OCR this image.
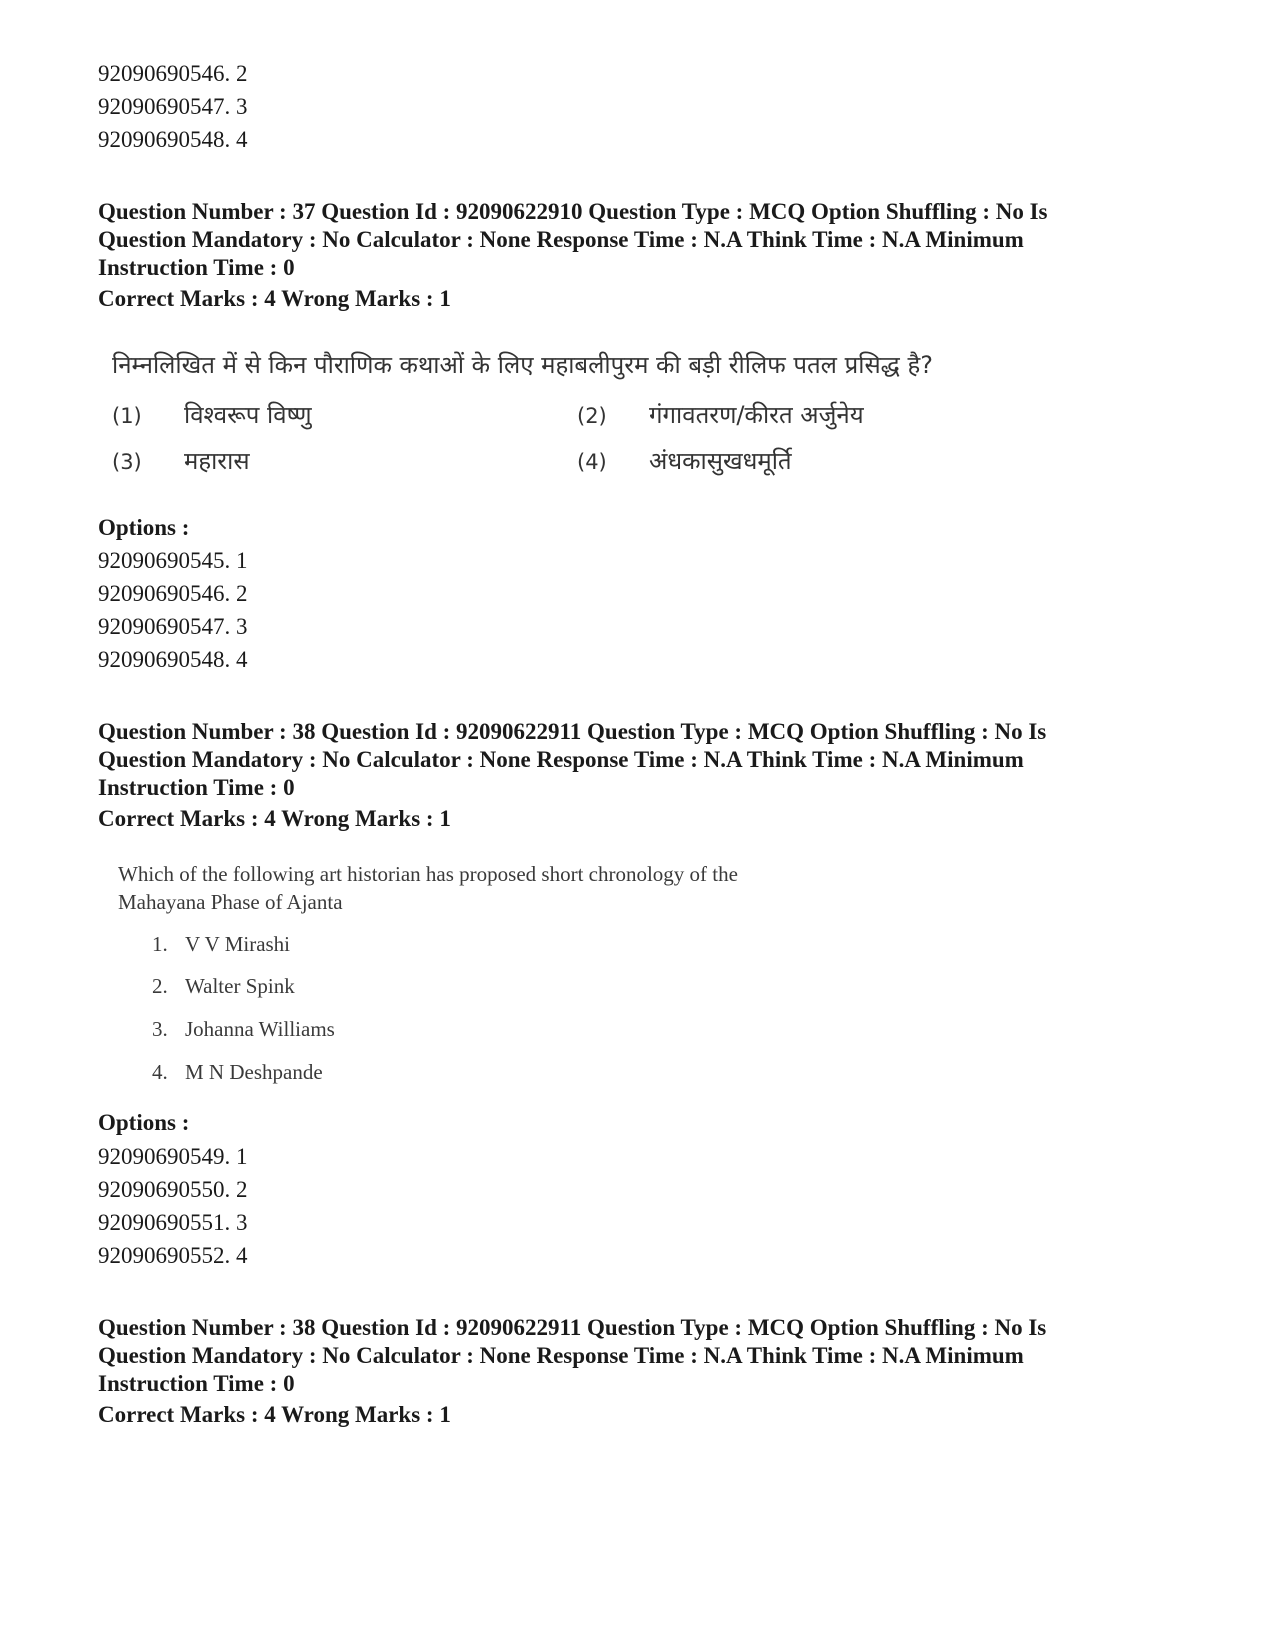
92090690546. 2
92090690547. 3
92090690548. 4

Question Number : 37 Question Id : 92090622910 Question Type : MCQ Option Shuffling : No Is

Question Mandatory : No Calculator : None Response Time : N.A Think Time : N.A Minimum

Instruction Time : 0

Correct Marks : 4 Wrong Marks : 1
निम्नलिखित में से किन पौराणिक कथाओं के लिए महाबलीपुरम की बड़ी रीलिफ पतल प्रसिद्ध है?
(1) विश्वरूप विष्णु	(2) गंगावतरण/कीरत अर्जुनेय
(3) महारास	(4) अंधकासुखधमूर्ति
Options :
92090690545. 1
92090690546. 2
92090690547. 3
92090690548. 4

Question Number : 38 Question Id : 92090622911 Question Type : MCQ Option Shuffling : No Is

Question Mandatory : No Calculator : None Response Time : N.A Think Time : N.A Minimum

Instruction Time : 0

Correct Marks : 4 Wrong Marks : 1

Which of the following art historian has proposed short chronology of the

Mahayana Phase of Ajanta

1. V V Mirashi
2. Walter Spink
3. Johanna Williams
4. M N Deshpande
Options :
92090690549. 1
92090690550. 2
92090690551. 3
92090690552. 4

Question Number : 38 Question Id : 92090622911 Question Type : MCQ Option Shuffling : No Is

Question Mandatory : No Calculator : None Response Time : N.A Think Time : N.A Minimum

Instruction Time : 0

Correct Marks : 4 Wrong Marks : 1
